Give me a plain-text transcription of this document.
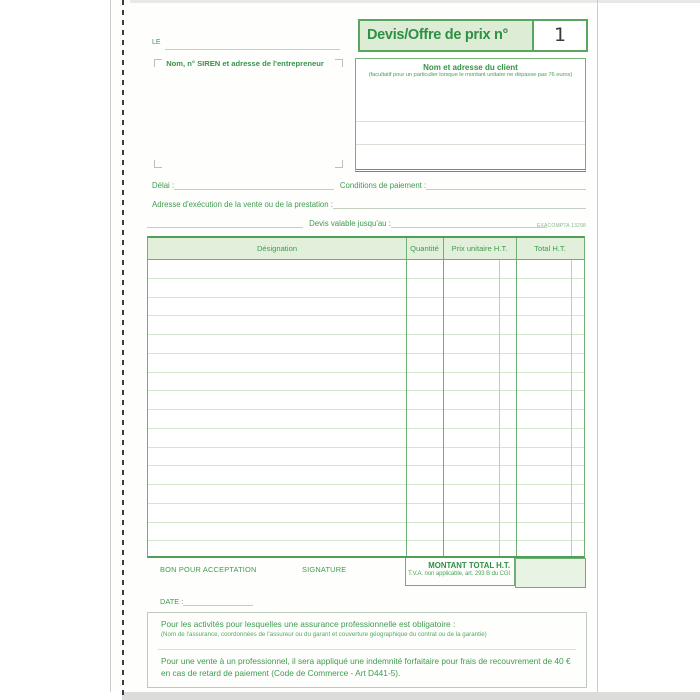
LE
Nom, n° SIREN et adresse de l'entrepreneur
Devis/Offre de prix n°	1
Nom et adresse du client
(facultatif pour un particulier lorsque le montant unitaire ne dépasse pas 76 euros)
Délai :	Conditions de paiement :
Adresse d'exécution de la vente ou de la prestation :
Devis valable jusqu'au :	EXACOMPTA 13298
Désignation	Quantité	Prix unitaire H.T.	Total H.T.
BON POUR ACCEPTATION	SIGNATURE	MONTANT TOTAL H.T.
T.V.A. non applicable, art. 293 B du CGI
DATE :
Pour les activités pour lesquelles une assurance professionnelle est obligatoire :
(Nom de l'assurance, coordonnées de l'assureur ou du garant et couverture géographique du contrat ou de la garantie)
Pour une vente à un professionnel, il sera appliqué une indemnité forfaitaire pour frais de recouvrement de 40 € en cas de retard de paiement (Code de Commerce - Art D441-5).
